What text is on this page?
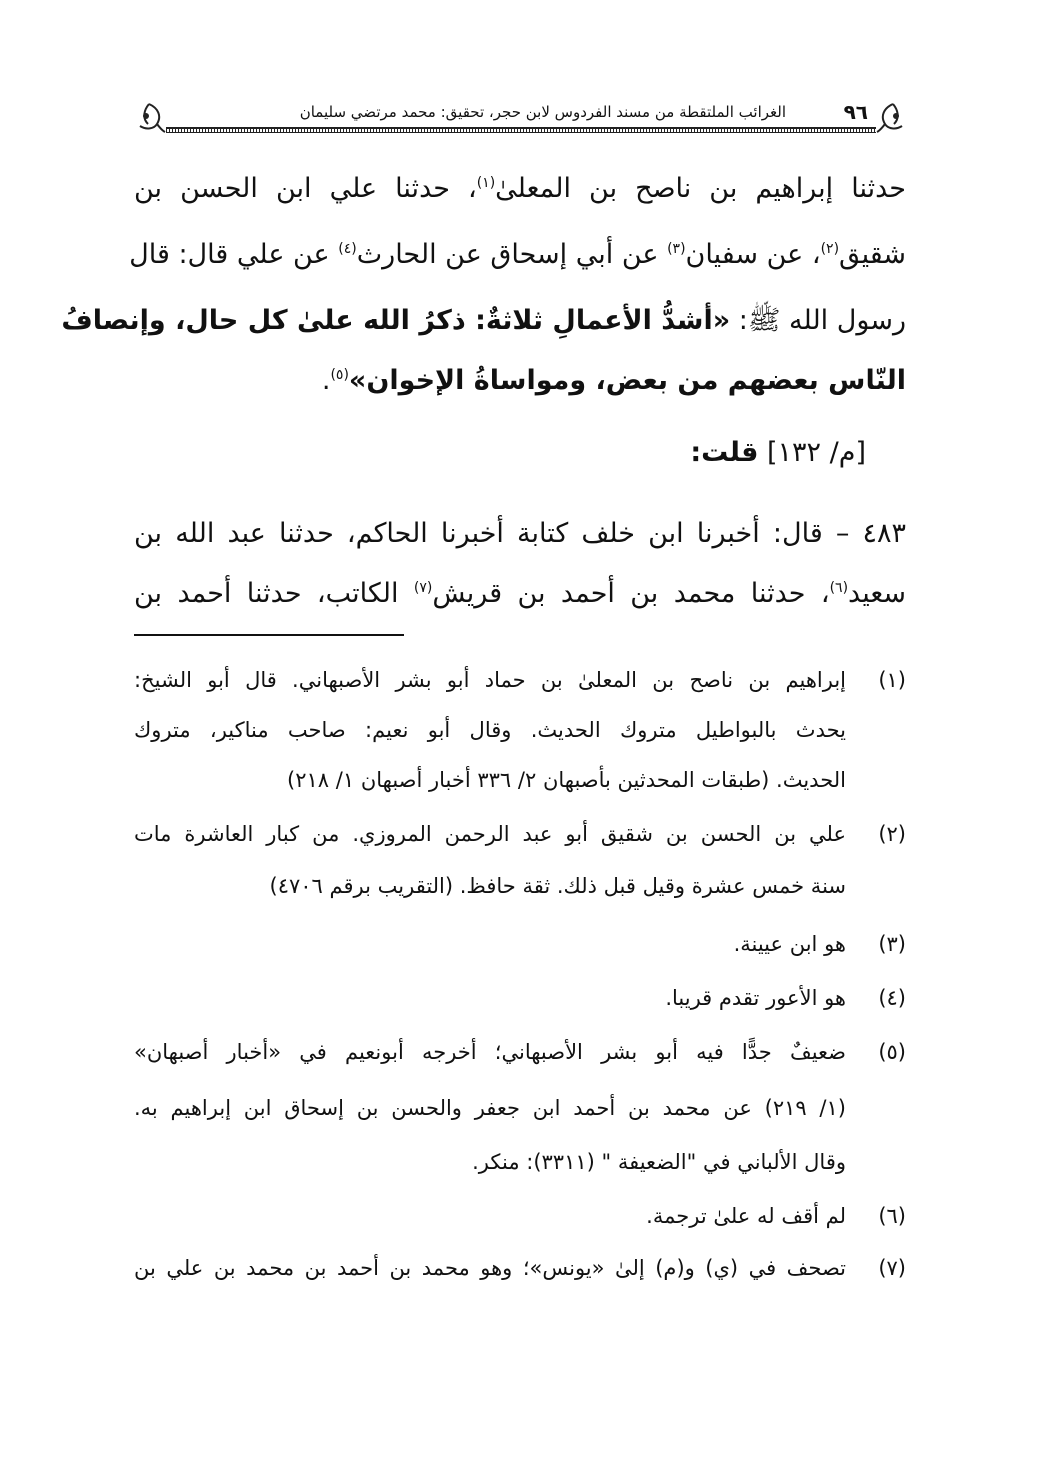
٩٦
الغرائب الملتقطة من مسند الفردوس لابن حجر، تحقيق: محمد مرتضي سليمان
حدثنا إبراهيم بن ناصح بن المعلىٰ$^{(١)}$، حدثنا علي ابن الحسن بن
شقيق$^{(٢)}$، عن سفيان$^{(٣)}$ عن أبي إسحاق عن الحارث$^{(٤)}$ عن علي قال: قال
رسول الله ﷺ: «أشدُّ الأعمالِ ثلاثةٌ: ذكرُ الله علىٰ كل حال، وإنصافُ
النّاس بعضهم من بعض، ومواساةُ الإخوان»$^{(٥)}$.
[م/ ١٣٢] قلت:
٤٨٣ – قال: أخبرنا ابن خلف كتابة أخبرنا الحاكم، حدثنا عبد الله بن
سعيد$^{(٦)}$، حدثنا محمد بن أحمد بن قريش$^{(٧)}$ الكاتب، حدثنا أحمد بن
(١)
إبراهيم بن ناصح بن المعلىٰ بن حماد أبو بشر الأصبهاني. قال أبو الشيخ:
يحدث بالبواطيل متروك الحديث. وقال أبو نعيم: صاحب مناكير، متروك
الحديث. (طبقات المحدثين بأصبهان ٢/ ٣٣٦ أخبار أصبهان ١/ ٢١٨)
(٢)
علي بن الحسن بن شقيق أبو عبد الرحمن المروزي. من كبار العاشرة مات
سنة خمس عشرة وقيل قبل ذلك. ثقة حافظ. (التقريب برقم ٤٧٠٦)
(٣)
هو ابن عيينة.
(٤)
هو الأعور تقدم قريبا.
(٥)
ضعيفٌ جدًّا فيه أبو بشر الأصبهاني؛ أخرجه أبونعيم في «أخبار أصبهان»
(١/ ٢١٩) عن محمد بن أحمد ابن جعفر والحسن بن إسحاق ابن إبراهيم به.
وقال الألباني في "الضعيفة " (٣٣١١): منكر.
(٦)
لم أقف له علىٰ ترجمة.
(٧)
تصحف في (ي) و(م) إلىٰ «يونس»؛ وهو محمد بن أحمد بن محمد بن علي بن
